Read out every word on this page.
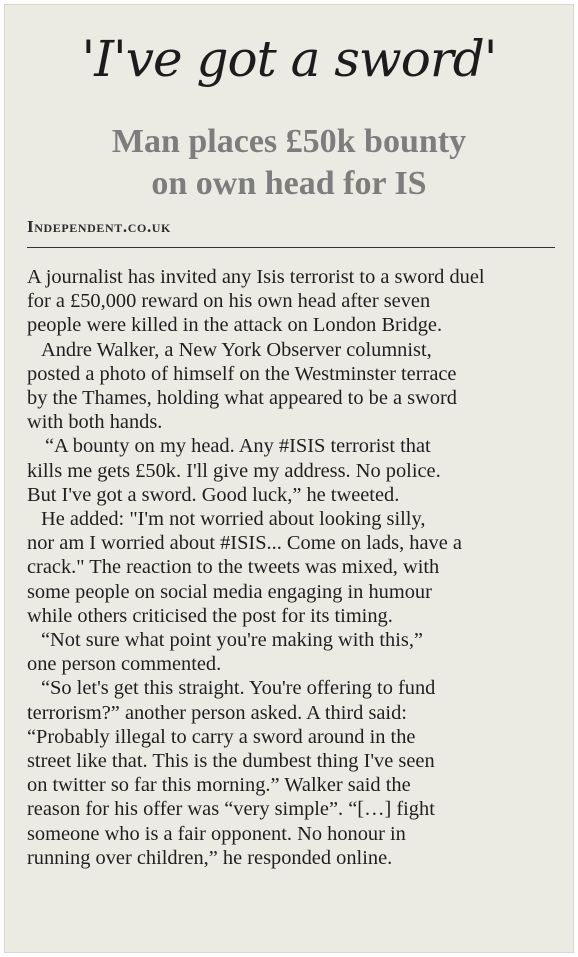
'I've got a sword'
Man places £50k bounty
on own head for IS
Independent.co.uk

A journalist has invited any Isis terrorist to a sword duel
for a £50,000 reward on his own head after seven
people were killed in the attack on London Bridge.

Andre Walker, a New York Observer columnist,
posted a photo of himself on the Westminster terrace
by the Thames, holding what appeared to be a sword
with both hands.

“A bounty on my head. Any #ISIS terrorist that
kills me gets £50k. I'll give my address. No police.
But I've got a sword. Good luck,” he tweeted.

He added: "I'm not worried about looking silly,
nor am I worried about #ISIS... Come on lads, have a
crack." The reaction to the tweets was mixed, with
some people on social media engaging in humour
while others criticised the post for its timing.

“Not sure what point you're making with this,”
one person commented.

“So let's get this straight. You're offering to fund
terrorism?” another person asked. A third said:
“Probably illegal to carry a sword around in the
street like that. This is the dumbest thing I've seen
on twitter so far this morning.” Walker said the
reason for his offer was “very simple”. “[…] fight
someone who is a fair opponent. No honour in
running over children,” he responded online.
